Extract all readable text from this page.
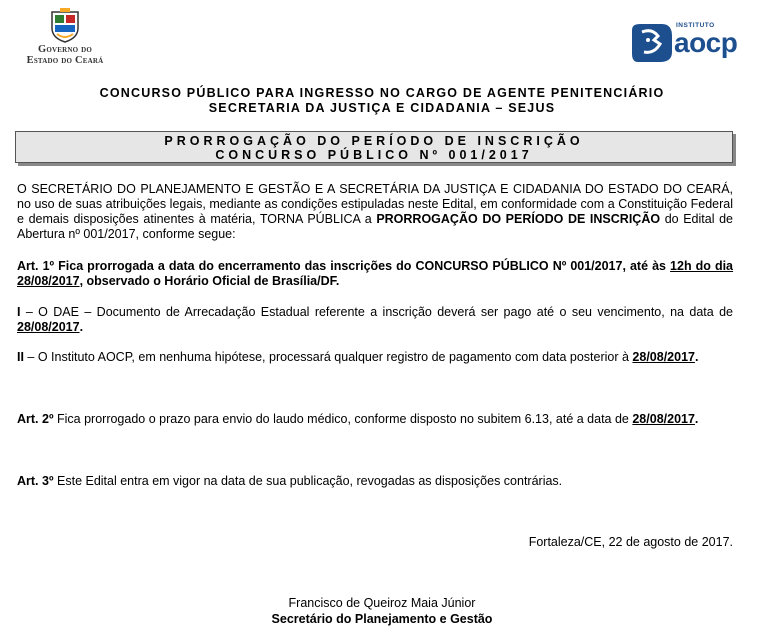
Governo do
Estado do Ceará
INSTITUTO
aocp
CONCURSO PÚBLICO PARA INGRESSO NO CARGO DE AGENTE PENITENCIÁRIO
SECRETARIA DA JUSTIÇA E CIDADANIA – SEJUS
PRORROGAÇÃO DO PERÍODO DE INSCRIÇÃO
CONCURSO PÚBLICO Nº 001/2017
O SECRETÁRIO DO PLANEJAMENTO E GESTÃO E A SECRETÁRIA DA JUSTIÇA E CIDADANIA DO ESTADO DO CEARÁ, no uso de suas atribuições legais, mediante as condições estipuladas neste Edital, em conformidade com a Constituição Federal e demais disposições atinentes à matéria, TORNA PÚBLICA a PRORROGAÇÃO DO PERÍODO DE INSCRIÇÃO do Edital de Abertura nº 001/2017, conforme segue:
Art. 1º Fica prorrogada a data do encerramento das inscrições do CONCURSO PÚBLICO Nº 001/2017, até às 12h do dia 28/08/2017, observado o Horário Oficial de Brasília/DF.
I – O DAE – Documento de Arrecadação Estadual referente a inscrição deverá ser pago até o seu vencimento, na data de 28/08/2017.
II – O Instituto AOCP, em nenhuma hipótese, processará qualquer registro de pagamento com data posterior à 28/08/2017.
Art. 2º Fica prorrogado o prazo para envio do laudo médico, conforme disposto no subitem 6.13, até a data de 28/08/2017.
Art. 3º Este Edital entra em vigor na data de sua publicação, revogadas as disposições contrárias.
Fortaleza/CE, 22 de agosto de 2017.
Francisco de Queiroz Maia Júnior
Secretário do Planejamento e Gestão
